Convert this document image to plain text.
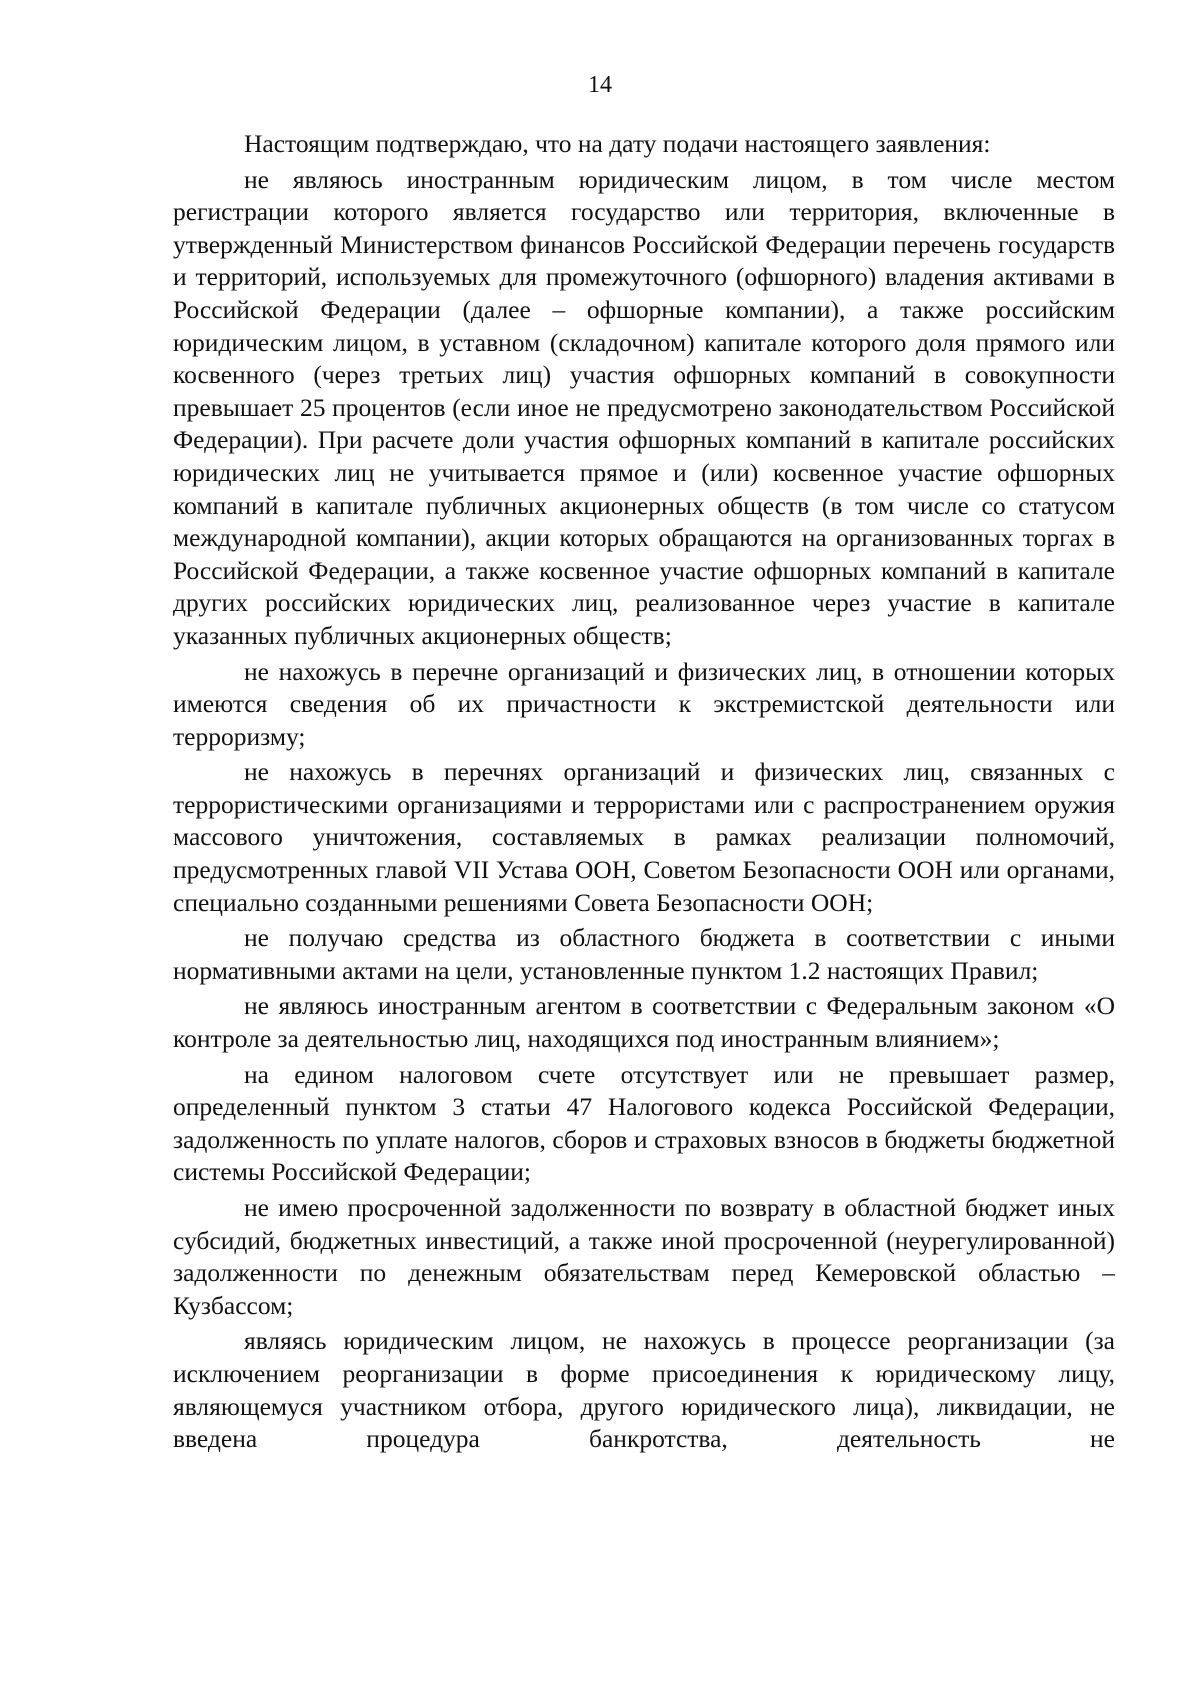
14

Настоящим подтверждаю, что на дату подачи настоящего заявления:

не являюсь иностранным юридическим лицом, в том числе местом регистрации которого является государство или территория, включенные в утвержденный Министерством финансов Российской Федерации перечень государств и территорий, используемых для промежуточного (офшорного) владения активами в Российской Федерации (далее – офшорные компании), а также российским юридическим лицом, в уставном (складочном) капитале которого доля прямого или косвенного (через третьих лиц) участия офшорных компаний в совокупности превышает 25 процентов (если иное не предусмотрено законодательством Российской Федерации). При расчете доли участия офшорных компаний в капитале российских юридических лиц не учитывается прямое и (или) косвенное участие офшорных компаний в капитале публичных акционерных обществ (в том числе со статусом международной компании), акции которых обращаются на организованных торгах в Российской Федерации, а также косвенное участие офшорных компаний в капитале других российских юридических лиц, реализованное через участие в капитале указанных публичных акционерных обществ;

не нахожусь в перечне организаций и физических лиц, в отношении которых имеются сведения об их причастности к экстремистской деятельности или терроризму;

не нахожусь в перечнях организаций и физических лиц, связанных с террористическими организациями и террористами или с распространением оружия массового уничтожения, составляемых в рамках реализации полномочий, предусмотренных главой VII Устава ООН, Советом Безопасности ООН или органами, специально созданными решениями Совета Безопасности ООН;

не получаю средства из областного бюджета в соответствии с иными нормативными актами на цели, установленные пунктом 1.2 настоящих Правил;

не являюсь иностранным агентом в соответствии с Федеральным законом «О контроле за деятельностью лиц, находящихся под иностранным влиянием»;

на едином налоговом счете отсутствует или не превышает размер, определенный пунктом 3 статьи 47 Налогового кодекса Российской Федерации, задолженность по уплате налогов, сборов и страховых взносов в бюджеты бюджетной системы Российской Федерации;

не имею просроченной задолженности по возврату в областной бюджет иных субсидий, бюджетных инвестиций, а также иной просроченной (неурегулированной) задолженности по денежным обязательствам перед Кемеровской областью – Кузбассом;

являясь юридическим лицом, не нахожусь в процессе реорганизации (за исключением реорганизации в форме присоединения к юридическому лицу, являющемуся участником отбора, другого юридического лица), ликвидации, не введена процедура банкротства, деятельность не
